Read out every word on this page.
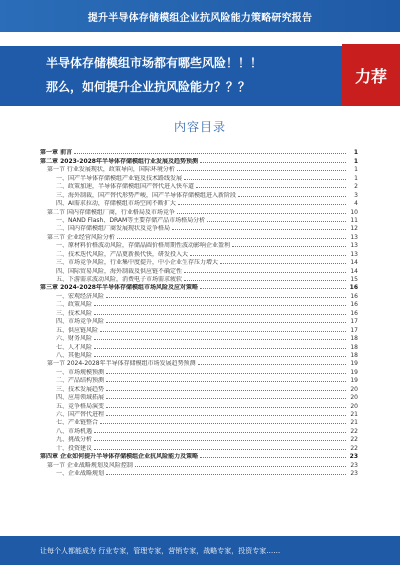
提升半导体存储模组企业抗风险能力策略研究报告
半导体存储模组市场都有哪些风险！！！
那么，如何提升企业抗风险能力？？？
力荐
内容目录
第一章 前言	1
第二章 2023-2028年半导体存储模组行业发展及趋势预测	1
第一节 行业发展现状，政策导向，国际环境分析	1
一、国产半导体存储模组产业链及技术路线发展	1
二、政策加速，半导体存储模组国产替代进入快车道	2
三、海外制裁，国产替代形势严峻，国产半导体存储模组进入新阶段	3
四、AI需求拉动，存储模组市场空间不断扩大	4
第二节 国内存储模组厂商，行业格局及市场竞争	10
一、NAND Flash、DRAM等主要存储产品市场格局分析	11
二、国内存储模组厂商发展现状及竞争格局	12
第三节 企业经营风险分析	13
一、原材料价格波动风险，存储晶圆价格周期性波动影响企业盈利	13
二、技术迭代风险，产品更新换代快，研发投入大	13
三、市场竞争风险，行业集中度提升，中小企业生存压力增大	14
四、国际贸易风险，海外制裁及供应链不确定性	14
五、下游需求波动风险，消费电子市场需求疲软	15
第三章 2024-2028年半导体存储模组市场风险及应对策略	16
一、宏观经济风险	16
二、政策风险	16
三、技术风险	16
四、市场竞争风险	17
五、供应链风险	17
六、财务风险	18
七、人才风险	18
八、其他风险	18
第一节 2024-2028年半导体存储模组市场发展趋势预测	19
一、市场规模预测	19
二、产品结构预测	19
三、技术发展趋势	20
四、应用领域拓展	20
五、竞争格局演变	20
六、国产替代进程	21
七、产业链整合	21
八、市场机遇	22
九、挑战分析	22
十、投资建议	22
第四章 企业如何提升半导体存储模组企业抗风险能力及策略	23
第一节 企业战略规划及风险控制	23
一、企业战略规划	23
让每个人都能成为 行业专家，管理专家，营销专家，战略专家，投资专家……
